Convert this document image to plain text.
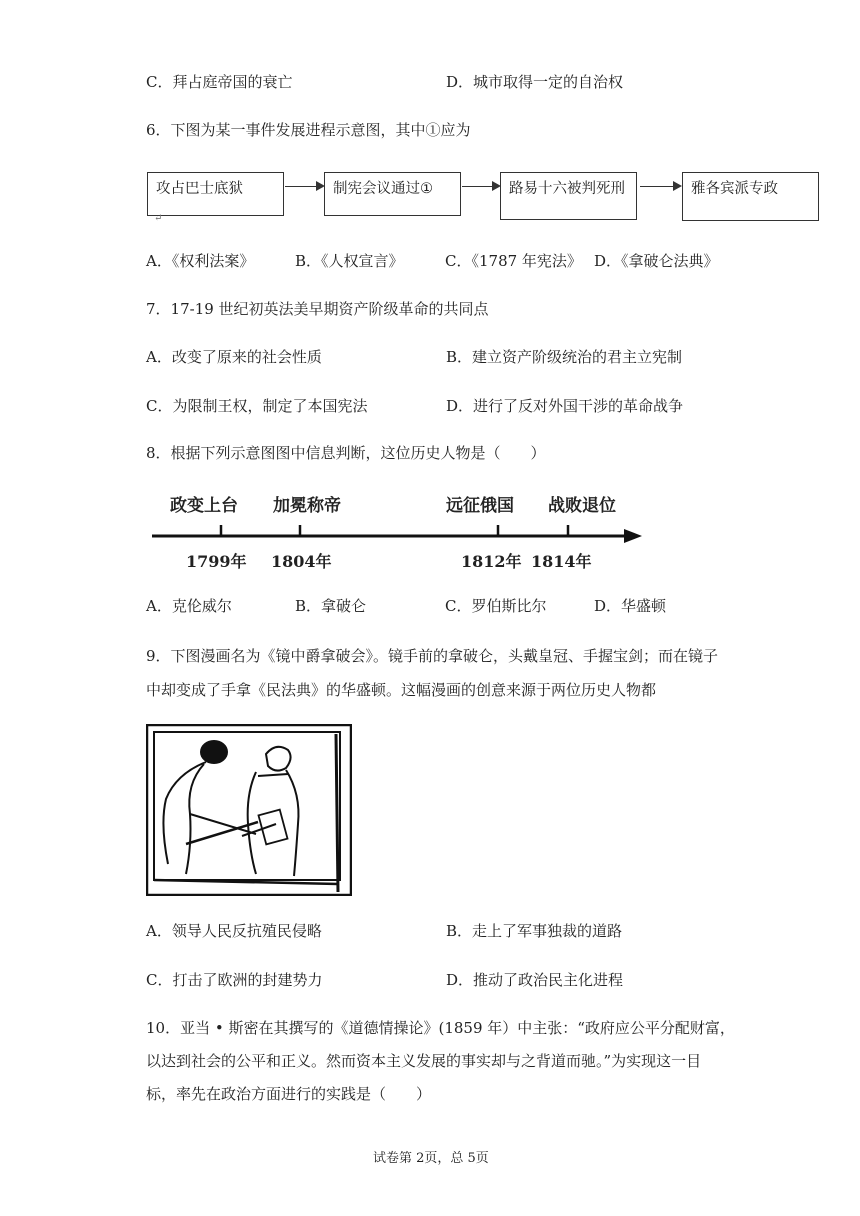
C．拜占庭帝国的衰亡	D．城市取得一定的自治权
6．下图为某一事件发展进程示意图，其中①应为
攻占巴士底狱	制宪会议通过①	路易十六被判死刑	雅各宾派专政
↵
A．《权利法案》	B．《人权宣言》	C．《1787 年宪法》 D．《拿破仑法典》
7．17-19 世纪初英法美早期资产阶级革命的共同点
A．改变了原来的社会性质	B．建立资产阶级统治的君主立宪制
C．为限制王权，制定了本国宪法	D．进行了反对外国干涉的革命战争
8．根据下列示意图图中信息判断，这位历史人物是（　　）
政变上台 加冕称帝	远征俄国 战败退位
1799年 1804年	1812年 1814年
A．克伦威尔	B．拿破仑	C．罗伯斯比尔	D．华盛顿
9．下图漫画名为《镜中爵拿破会》。镜手前的拿破仑，头戴皇冠、手握宝剑；而在镜子
中却变成了手拿《民法典》的华盛顿。这幅漫画的创意来源于两位历史人物都
A．领导人民反抗殖民侵略	B．走上了军事独裁的道路
C．打击了欧洲的封建势力	D．推动了政治民主化进程
10．亚当 • 斯密在其撰写的《道德情操论》(1859 年）中主张：“政府应公平分配财富，
以达到社会的公平和正义。然而资本主义发展的事实却与之背道而驰。”为实现这一目
标，率先在政治方面进行的实践是（　　）
试卷第 2页，总 5页
